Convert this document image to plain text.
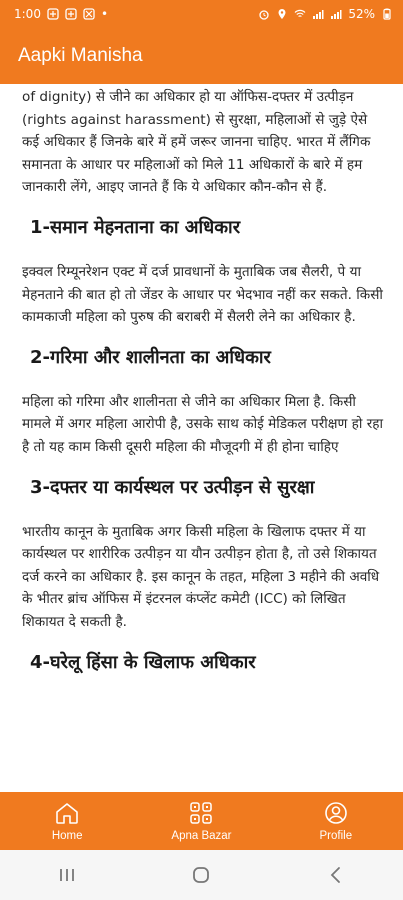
1:00	•	52%
Aapki Manisha

of dignity) से जीने का अधिकार हो या ऑफिस-दफ्तर में उत्पीड़न (rights against harassment) से सुरक्षा, महिलाओं से जुड़े ऐसे कई अधिकार हैं जिनके बारे में हमें जरूर जानना चाहिए. भारत में लैंगिक समानता के आधार पर महिलाओं को मिले 11 अधिकारों के बारे में हम जानकारी लेंगे, आइए जानते हैं कि ये अधिकार कौन-कौन से हैं.

1-समान मेहनताना का अधिकार

इक्वल रिम्यूनरेशन एक्ट में दर्ज प्रावधानों के मुताबिक जब सैलरी, पे या मेहनताने की बात हो तो जेंडर के आधार पर भेदभाव नहीं कर सकते. किसी कामकाजी महिला को पुरुष की बराबरी में सैलरी लेने का अधिकार है.

2-गरिमा और शालीनता का अधिकार

महिला को गरिमा और शालीनता से जीने का अधिकार मिला है. किसी मामले में अगर महिला आरोपी है, उसके साथ कोई मेडिकल परीक्षण हो रहा है तो यह काम किसी दूसरी महिला की मौजूदगी में ही होना चाहिए

3-दफ्तर या कार्यस्थल पर उत्पीड़न से सुरक्षा

भारतीय कानून के मुताबिक अगर किसी महिला के खिलाफ दफ्तर में या कार्यस्थल पर शारीरिक उत्पीड़न या यौन उत्पीड़न होता है, तो उसे शिकायत दर्ज करने का अधिकार है. इस कानून के तहत, महिला 3 महीने की अवधि के भीतर ब्रांच ऑफिस में इंटरनल कंप्लेंट कमेटी (ICC) को लिखित शिकायत दे सकती है.

4-घरेलू हिंसा के खिलाफ अधिकार
Home	Apna Bazar	Profile
